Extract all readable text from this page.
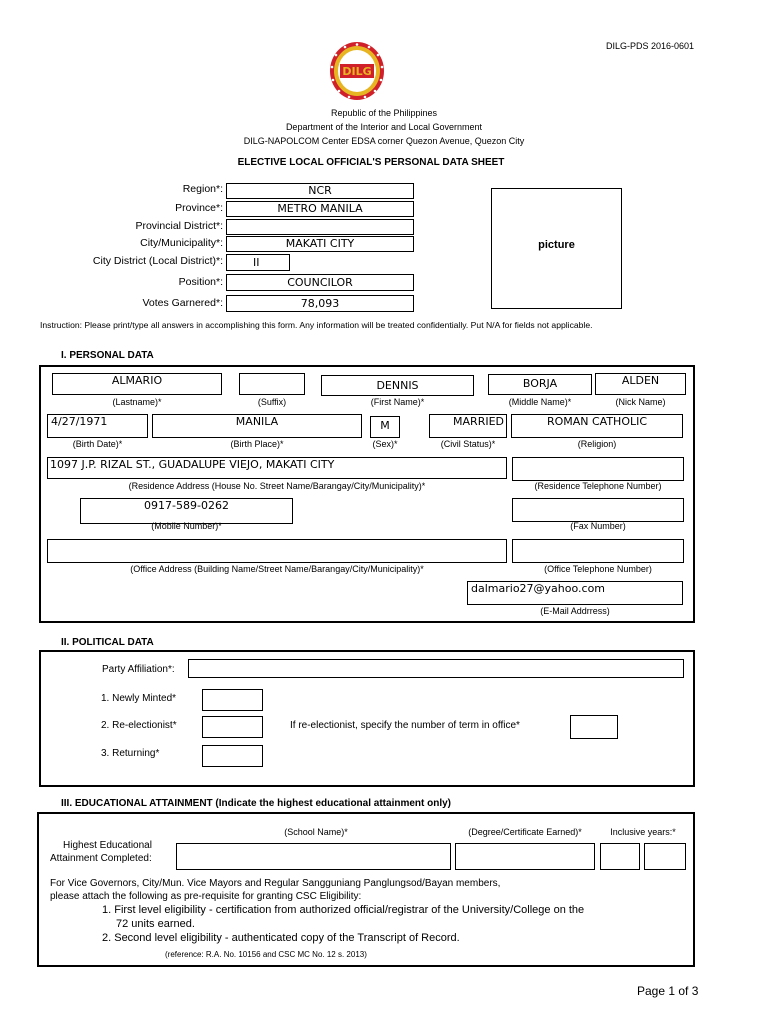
DILG-PDS 2016-0601
DILG
Republic of the Philippines
Department of the Interior and Local Government
DILG-NAPOLCOM Center EDSA corner Quezon Avenue, Quezon City
ELECTIVE LOCAL OFFICIAL'S PERSONAL DATA SHEET
Region*:	NCR
Province*:	METRO MANILA
Provincial District*:
City/Municipality*:	MAKATI CITY
City District (Local District)*:	II
Position*:	COUNCILOR
Votes Garnered*:	78,093
picture
Instruction: Please print/type all answers in accomplishing this form. Any information will be treated confidentially. Put N/A for fields not applicable.
I. PERSONAL DATA
ALMARIO
(Lastname)*	(Suffix)
DENNIS
(First Name)*
BORJA
(Middle Name)*
ALDEN
(Nick Name)
4/27/1971
(Birth Date)*
MANILA
(Birth Place)*
M
(Sex)*
MARRIED
(Civil Status)*
ROMAN CATHOLIC
(Religion)
1097 J.P. RIZAL ST., GUADALUPE VIEJO, MAKATI CITY
(Residence Address (House No. Street Name/Barangay/City/Municipality)*	(Residence Telephone Number)
0917-589-0262
(Mobile Number)*	(Fax Number)
(Office Address (Building Name/Street Name/Barangay/City/Municipality)*	(Office Telephone Number)
dalmario27@yahoo.com
(E-Mail Addrress)
II. POLITICAL DATA
Party Affiliation*:
1. Newly Minted*
2. Re-electionist*
3. Returning*
If re-electionist, specify the number of term in office*
III. EDUCATIONAL ATTAINMENT (Indicate the highest educational attainment only)
(School Name)*	(Degree/Certificate Earned)*	Inclusive years:*
Highest Educational
Attainment Completed:
For Vice Governors, City/Mun. Vice Mayors and Regular Sangguniang Panglungsod/Bayan members,
please attach the following as pre-requisite for granting CSC Eligibility:
1. First level eligibility - certification from authorized official/registrar of the University/College on the
72 units earned.
2. Second level eligibility - authenticated copy of the Transcript of Record.
(reference: R.A. No. 10156 and CSC MC No. 12 s. 2013)
Page 1 of 3
